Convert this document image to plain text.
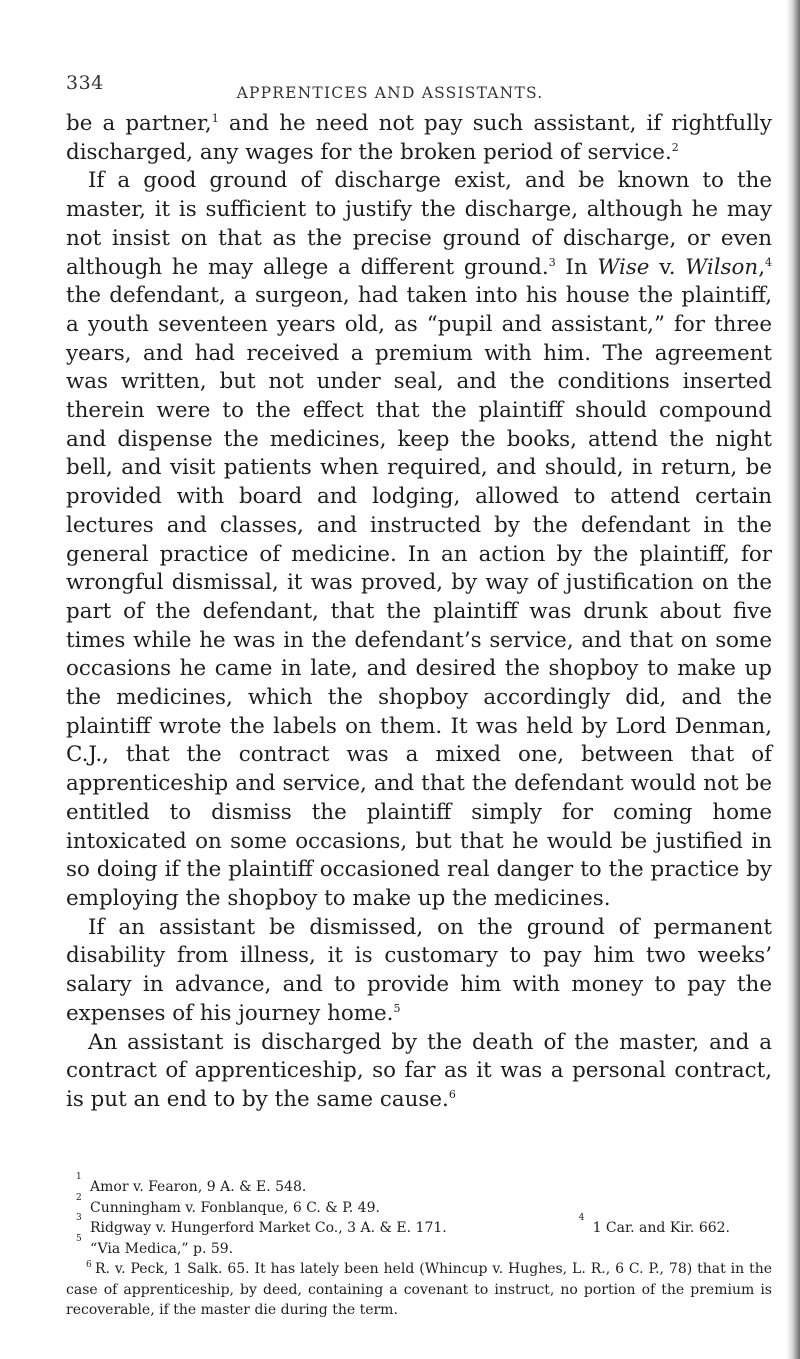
334	APPRENTICES AND ASSISTANTS.

be a partner,$^1$ and he need not pay such assistant, if rightfully discharged, any wages for the broken period of service.$^2$

If a good ground of discharge exist, and be known to the master, it is sufficient to justify the discharge, although he may not insist on that as the precise ground of discharge, or even although he may allege a different ground.$^3$ In Wise v. Wilson,$^4$ the defendant, a surgeon, had taken into his house the plaintiff, a youth seventeen years old, as “pupil and assistant,” for three years, and had received a premium with him. The agreement was written, but not under seal, and the conditions inserted therein were to the effect that the plaintiff should compound and dispense the medicines, keep the books, attend the night bell, and visit patients when required, and should, in return, be provided with board and lodging, allowed to attend certain lectures and classes, and instructed by the defendant in the general practice of medicine. In an action by the plaintiff, for wrongful dismissal, it was proved, by way of justification on the part of the defendant, that the plaintiff was drunk about five times while he was in the defendant’s service, and that on some occasions he came in late, and desired the shopboy to make up the medicines, which the shopboy accordingly did, and the plaintiff wrote the labels on them. It was held by Lord Denman, C.J., that the contract was a mixed one, between that of apprenticeship and service, and that the defendant would not be entitled to dismiss the plaintiff simply for coming home intoxicated on some occasions, but that he would be justified in so doing if the plaintiff occasioned real danger to the practice by employing the shopboy to make up the medicines.

If an assistant be dismissed, on the ground of permanent disability from illness, it is customary to pay him two weeks’ salary in advance, and to provide him with money to pay the expenses of his journey home.$^5$

An assistant is discharged by the death of the master, and a contract of apprenticeship, so far as it was a personal contract, is put an end to by the same cause.$^6$

1
Amor v. Fearon, 9 A. & E. 548.
2
Cunningham v. Fonblanque, 6 C. & P. 49.
3
Ridgway v. Hungerford Market Co., 3 A. & E. 171.
4
1 Car. and Kir. 662.
5
“Via Medica,” p. 59.
6 R. v. Peck, 1 Salk. 65. It has lately been held (Whincup v. Hughes, L. R., 6 C. P., 78) that in the case of apprenticeship, by deed, containing a covenant to instruct, no portion of the premium is recoverable, if the master die during the term.
